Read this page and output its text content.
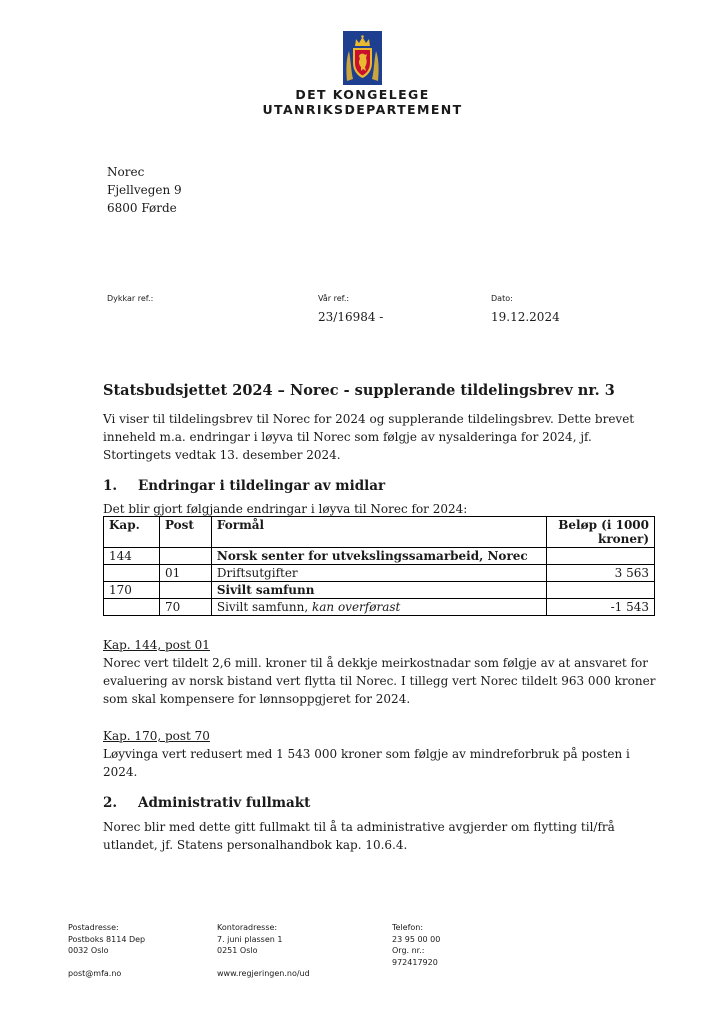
DET KONGELEGE
UTANRIKSDEPARTEMENT
Norec
Fjellvegen 9
6800 Førde
Dykkar ref.:	Vår ref.:
23/16984 -
Dato:
19.12.2024
Statsbudsjettet 2024 – Norec - supplerande tildelingsbrev nr. 3
Vi viser til tildelingsbrev til Norec for 2024 og supplerande tildelingsbrev. Dette brevet inneheld m.a. endringar i løyva til Norec som følgje av nysalderinga for 2024, jf. Stortingets vedtak 13. desember 2024.
1. Endringar i tildelingar av midlar
Det blir gjort følgjande endringar i løyva til Norec for 2024:
Kap.	Post	Formål	Beløp (i 1000 kroner)
144		Norsk senter for utvekslingssamarbeid, Norec	
	01	Driftsutgifter	3 563
170		Sivilt samfunn	
	70	Sivilt samfunn, kan overførast	-1 543
Kap. 144, post 01
Norec vert tildelt 2,6 mill. kroner til å dekkje meirkostnadar som følgje av at ansvaret for evaluering av norsk bistand vert flytta til Norec. I tillegg vert Norec tildelt 963 000 kroner som skal kompensere for lønnsoppgjeret for 2024.
Kap. 170, post 70
Løyvinga vert redusert med 1 543 000 kroner som følgje av mindreforbruk på posten i 2024.
2. Administrativ fullmakt
Norec blir med dette gitt fullmakt til å ta administrative avgjerder om flytting til/frå utlandet, jf. Statens personalhandbok kap. 10.6.4.
Postadresse:
Postboks 8114 Dep
0032 Oslo
post@mfa.no
Kontoradresse:
7. juni plassen 1
0251 Oslo
www.regjeringen.no/ud
Telefon:
23 95 00 00
Org. nr.:
972417920
